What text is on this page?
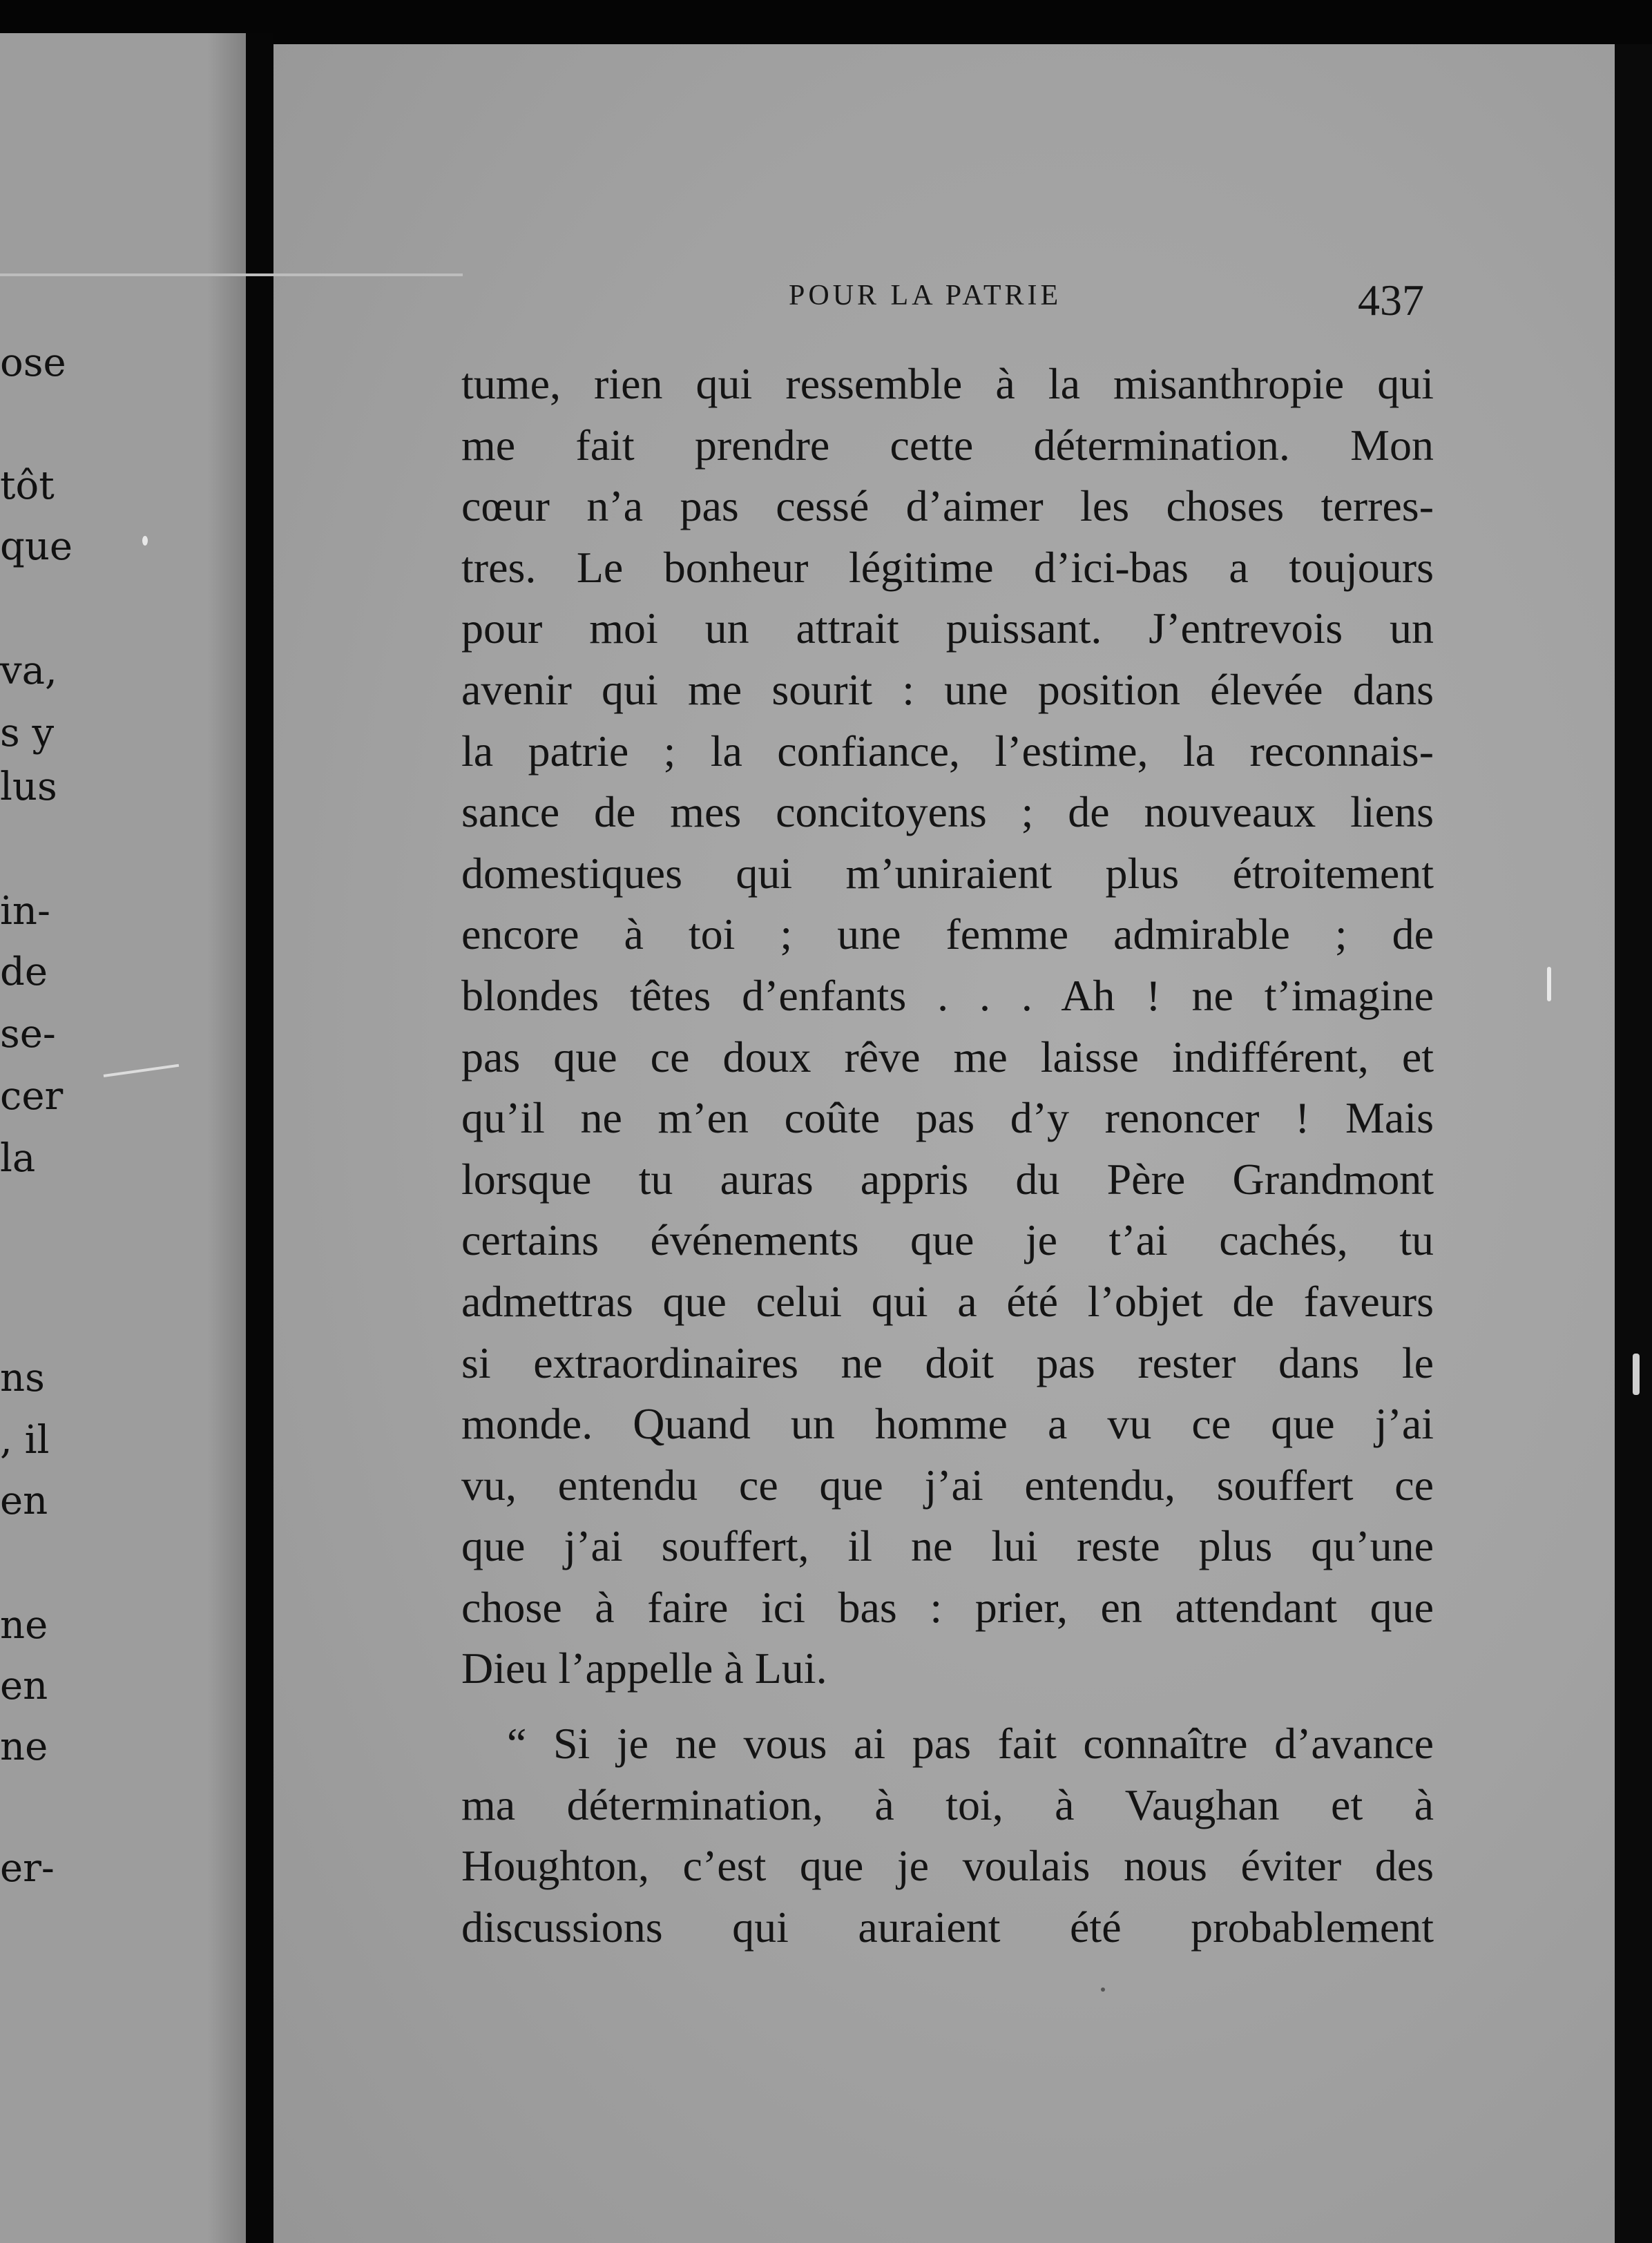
ose
tôt
que
va,
s y
lus
in-
de
se-
cer
la
ns
, il
en
ne
en
ne
er-
POUR LA PATRIE	437
tume, rien qui ressemble à la misanthropie qui
me fait prendre cette détermination. Mon
cœur n’a pas cessé d’aimer les choses terres-
tres. Le bonheur légitime d’ici-bas a toujours
pour moi un attrait puissant. J’entrevois un
avenir qui me sourit : une position élevée dans
la patrie ; la confiance, l’estime, la reconnais-
sance de mes concitoyens ; de nouveaux liens
domestiques qui m’uniraient plus étroitement
encore à toi ; une femme admirable ; de
blondes têtes d’enfants . . . Ah ! ne t’imagine
pas que ce doux rêve me laisse indifférent, et
qu’il ne m’en coûte pas d’y renoncer ! Mais
lorsque tu auras appris du Père Grandmont
certains événements que je t’ai cachés, tu
admettras que celui qui a été l’objet de faveurs
si extraordinaires ne doit pas rester dans le
monde. Quand un homme a vu ce que j’ai
vu, entendu ce que j’ai entendu, souffert ce
que j’ai souffert, il ne lui reste plus qu’une
chose à faire ici bas : prier, en attendant que
Dieu l’appelle à Lui.
“ Si je ne vous ai pas fait connaître d’avance
ma détermination, à toi, à Vaughan et à
Houghton, c’est que je voulais nous éviter des
discussions qui auraient été probablement
